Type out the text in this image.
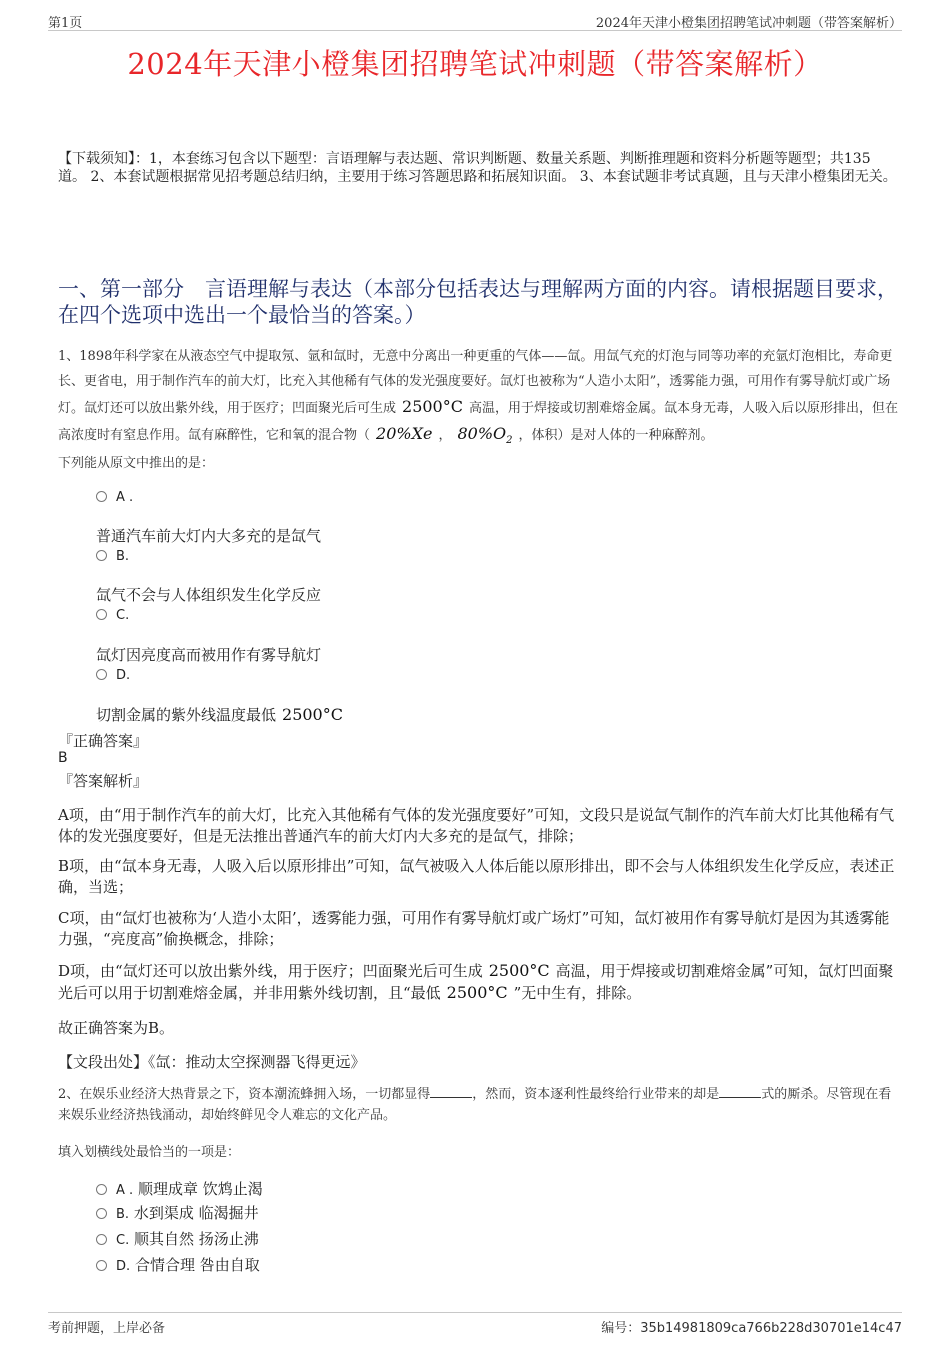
第1页	2024年天津小橙集团招聘笔试冲刺题（带答案解析）
2024年天津小橙集团招聘笔试冲刺题（带答案解析）
【下载须知】：1，本套练习包含以下题型：言语理解与表达题、常识判断题、数量关系题、判断推理题和资料分析题等题型；共135道。 2、本套试题根据常见招考题总结归纳，主要用于练习答题思路和拓展知识面。 3、本套试题非考试真题，且与天津小橙集团无关。
一、第一部分　言语理解与表达（本部分包括表达与理解两方面的内容。请根据题目要求，在四个选项中选出一个最恰当的答案。）
1、1898年科学家在从液态空气中提取氖、氩和氙时，无意中分离出一种更重的气体——氙。用氙气充的灯泡与同等功率的充氩灯泡相比，寿命更长、更省电，用于制作汽车的前大灯，比充入其他稀有气体的发光强度要好。氙灯也被称为“人造小太阳”，透雾能力强，可用作有雾导航灯或广场灯。氙灯还可以放出紫外线，用于医疗；凹面聚光后可生成 2500°C 高温，用于焊接或切割难熔金属。氙本身无毒，人吸入后以原形排出，但在高浓度时有窒息作用。氙有麻醉性，它和氧的混合物（ 20%Xe ， $80\%O_2$ ，体积）是对人体的一种麻醉剂。
下列能从原文中推出的是：
A .
普通汽车前大灯内大多充的是氙气
B.
氙气不会与人体组织发生化学反应
C.
氙灯因亮度高而被用作有雾导航灯
D.
切割金属的紫外线温度最低 2500°C
『正确答案』
B
『答案解析』
A项，由“用于制作汽车的前大灯，比充入其他稀有气体的发光强度要好”可知，文段只是说氙气制作的汽车前大灯比其他稀有气体的发光强度要好，但是无法推出普通汽车的前大灯内大多充的是氙气，排除；
B项，由“氙本身无毒，人吸入后以原形排出”可知，氙气被吸入人体后能以原形排出，即不会与人体组织发生化学反应，表述正确，当选；
C项，由“氙灯也被称为‘人造小太阳’，透雾能力强，可用作有雾导航灯或广场灯”可知，氙灯被用作有雾导航灯是因为其透雾能力强，“亮度高”偷换概念，排除；
D项，由“氙灯还可以放出紫外线，用于医疗；凹面聚光后可生成 2500°C 高温，用于焊接或切割难熔金属”可知，氙灯凹面聚光后可以用于切割难熔金属，并非用紫外线切割，且“最低 2500°C ”无中生有，排除。
故正确答案为B。
【文段出处】《氙：推动太空探测器飞得更远》
2、在娱乐业经济大热背景之下，资本潮流蜂拥入场，一切都显得	，然而，资本逐利性最终给行业带来的却是	式的厮杀。尽管现在看来娱乐业经济热钱涌动，却始终鲜见令人难忘的文化产品。
填入划横线处最恰当的一项是：
A . 顺理成章 饮鸩止渴
B. 水到渠成 临渴掘井
C. 顺其自然 扬汤止沸
D. 合情合理 咎由自取
考前押题，上岸必备	编号：35b14981809ca766b228d30701e14c47
